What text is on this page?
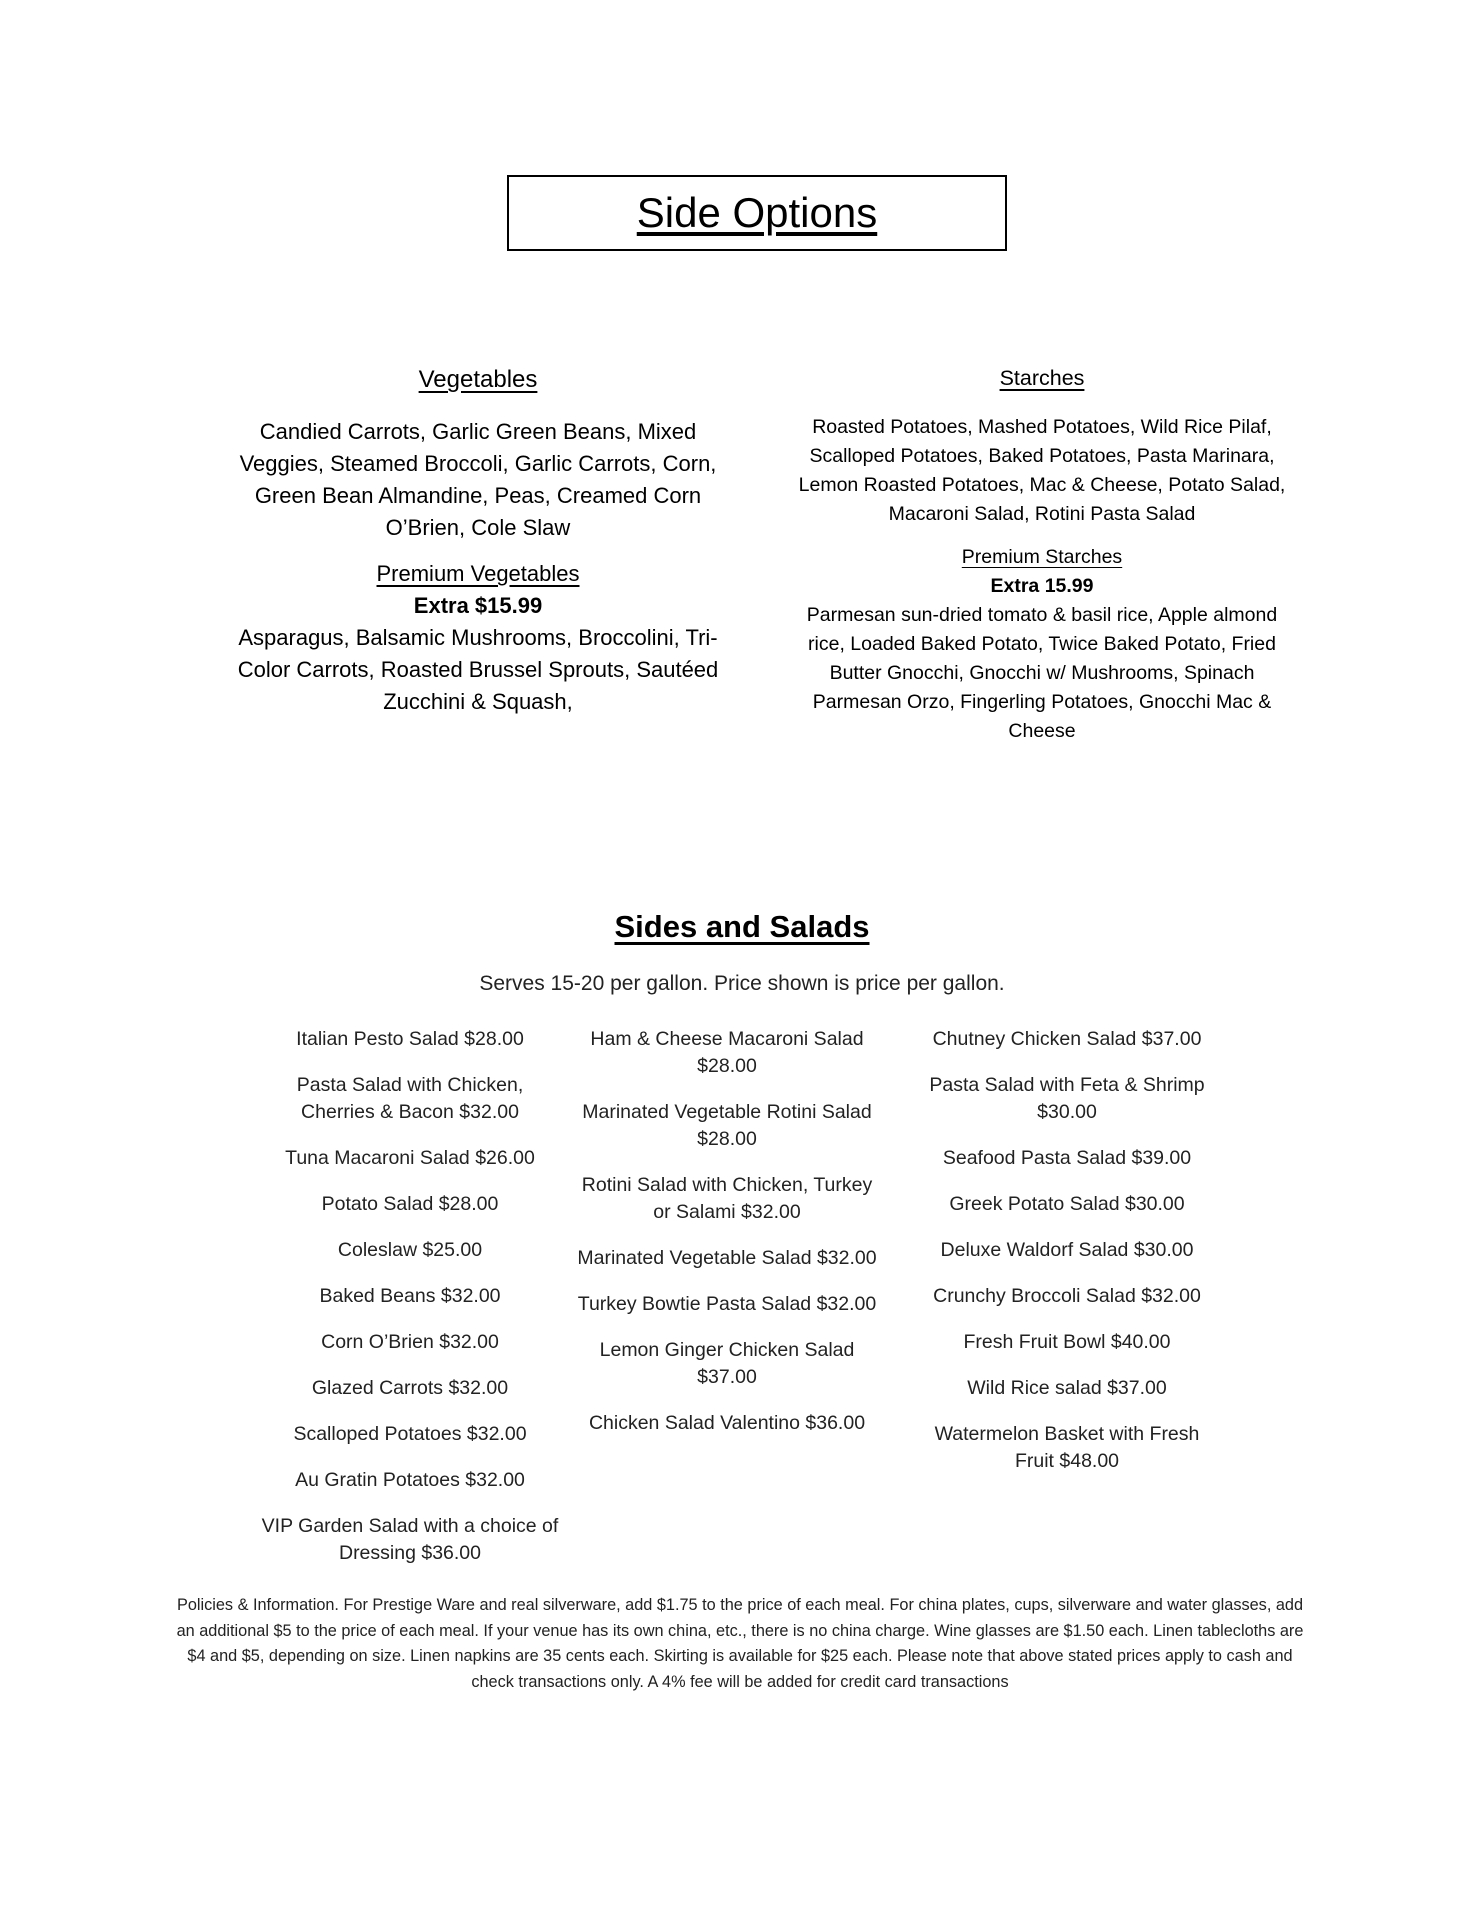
Side Options
Vegetables
Candied Carrots, Garlic Green Beans, Mixed Veggies, Steamed Broccoli, Garlic Carrots, Corn, Green Bean Almandine, Peas, Creamed Corn O’Brien, Cole Slaw
Premium Vegetables
Extra $15.99
Asparagus, Balsamic Mushrooms, Broccolini, Tri-Color Carrots, Roasted Brussel Sprouts, Sautéed Zucchini & Squash,
Starches
Roasted Potatoes, Mashed Potatoes, Wild Rice Pilaf, Scalloped Potatoes, Baked Potatoes, Pasta Marinara, Lemon Roasted Potatoes, Mac & Cheese, Potato Salad, Macaroni Salad, Rotini Pasta Salad
Premium Starches
Extra 15.99
Parmesan sun-dried tomato & basil rice, Apple almond rice, Loaded Baked Potato, Twice Baked Potato, Fried Butter Gnocchi, Gnocchi w/ Mushrooms, Spinach Parmesan Orzo, Fingerling Potatoes, Gnocchi Mac & Cheese
Sides and Salads
Serves 15-20 per gallon. Price shown is price per gallon.
Italian Pesto Salad $28.00
Pasta Salad with Chicken, Cherries & Bacon $32.00
Tuna Macaroni Salad $26.00
Potato Salad $28.00
Coleslaw $25.00
Baked Beans $32.00
Corn O’Brien $32.00
Glazed Carrots $32.00
Scalloped Potatoes $32.00
Au Gratin Potatoes $32.00
VIP Garden Salad with a choice of Dressing $36.00
Ham & Cheese Macaroni Salad $28.00
Marinated Vegetable Rotini Salad $28.00
Rotini Salad with Chicken, Turkey or Salami $32.00
Marinated Vegetable Salad $32.00
Turkey Bowtie Pasta Salad $32.00
Lemon Ginger Chicken Salad $37.00
Chicken Salad Valentino $36.00
Chutney Chicken Salad $37.00
Pasta Salad with Feta & Shrimp $30.00
Seafood Pasta Salad $39.00
Greek Potato Salad $30.00
Deluxe Waldorf Salad $30.00
Crunchy Broccoli Salad $32.00
Fresh Fruit Bowl $40.00
Wild Rice salad $37.00
Watermelon Basket with Fresh Fruit $48.00
Policies & Information. For Prestige Ware and real silverware, add $1.75 to the price of each meal. For china plates, cups, silverware and water glasses, add an additional $5 to the price of each meal. If your venue has its own china, etc., there is no china charge. Wine glasses are $1.50 each. Linen tablecloths are $4 and $5, depending on size. Linen napkins are 35 cents each. Skirting is available for $25 each. Please note that above stated prices apply to cash and check transactions only. A 4% fee will be added for credit card transactions
